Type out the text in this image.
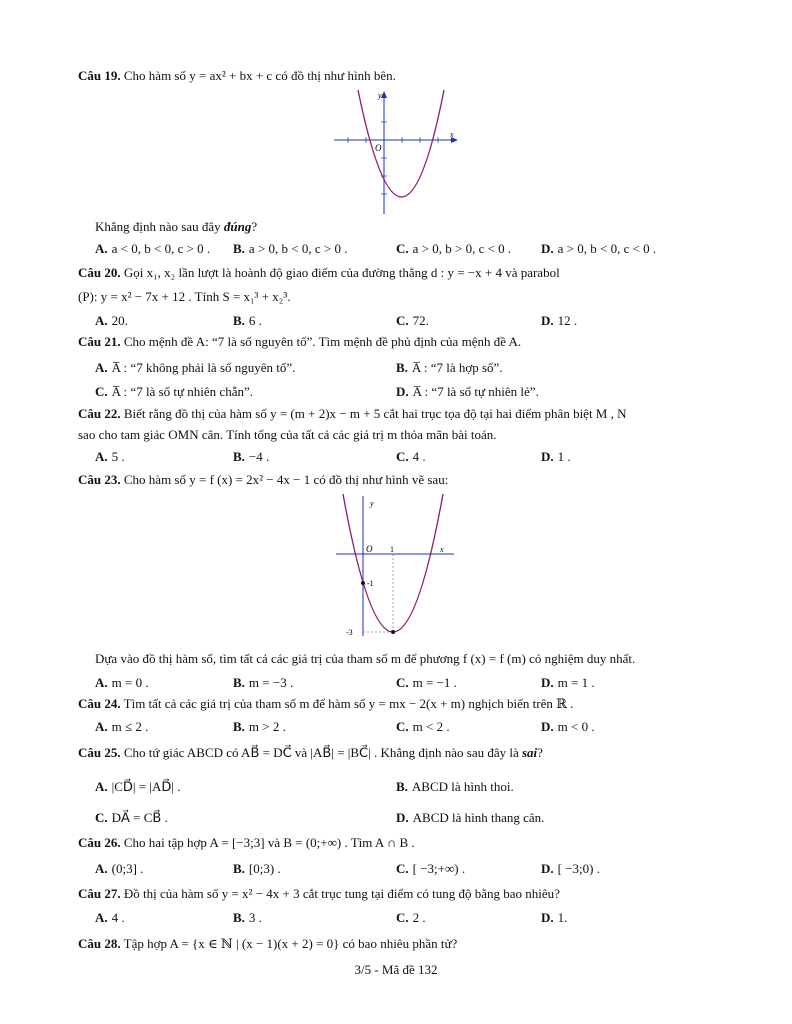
Câu 19. Cho hàm số y = ax² + bx + c có đồ thị như hình bên.
y
x
O
Khẳng định nào sau đây đúng?
A. a < 0, b < 0, c > 0 . B. a > 0, b < 0, c > 0 .	C. a > 0, b > 0, c < 0 . D. a > 0, b < 0, c < 0 .
Câu 20. Gọi x₁, x₂ lần lượt là hoành độ giao điểm của đường thẳng d : y = −x + 4 và parabol
(P): y = x² − 7x + 12 . Tính S = x₁³ + x₂³.
A. 20.	B. 6 .	C. 72.	D. 12 .
Câu 21. Cho mệnh đề A: “7 là số nguyên tố”. Tìm mệnh đề phủ định của mệnh đề A.
A. A̅ : “7 không phải là số nguyên tố”.	B. A̅ : “7 là hợp số”.
C. A̅ : “7 là số tự nhiên chẵn”.	D. A̅ : “7 là số tự nhiên lẻ”.
Câu 22. Biết rằng đồ thị của hàm số y = (m + 2)x − m + 5 cắt hai trục tọa độ tại hai điểm phân biệt M , N
sao cho tam giác OMN cân. Tính tổng của tất cả các giá trị m thỏa mãn bài toán.
A. 5 .	B. −4 .	C. 4 .	D. 1 .
Câu 23. Cho hàm số y = f (x) = 2x² − 4x − 1 có đồ thị như hình vẽ sau:
y
x
O 1
-1
-3
Dựa vào đồ thị hàm số, tìm tất cả các giá trị của tham số m để phương f (x) = f (m) có nghiệm duy nhất.
A. m = 0 .	B. m = −3 .	C. m = −1 .	D. m = 1 .
Câu 24. Tìm tất cả các giá trị của tham số m để hàm số y = mx − 2(x + m) nghịch biến trên ℝ .
A. m ≤ 2 .	B. m > 2 .	C. m < 2 .	D. m < 0 .
Câu 25. Cho tứ giác ABCD có AB⃗ = DC⃗ và |AB⃗| = |BC⃗| . Khẳng định nào sau đây là sai?
A. |CD⃗| = |AD⃗| .	B. ABCD là hình thoi.
C. DA⃗ = CB⃗ .	D. ABCD là hình thang cân.
Câu 26. Cho hai tập hợp A = [−3;3] và B = (0;+∞) . Tìm A ∩ B .
A. (0;3] .	B. [0;3) .	C. [ −3;+∞) .	D. [ −3;0) .
Câu 27. Đồ thị của hàm số y = x² − 4x + 3 cắt trục tung tại điểm có tung độ bằng bao nhiêu?
A. 4 .	B. 3 .	C. 2 .	D. 1.
Câu 28. Tập hợp A = {x ∈ ℕ | (x − 1)(x + 2) = 0} có bao nhiêu phần tử?
3/5 - Mã đề 132
